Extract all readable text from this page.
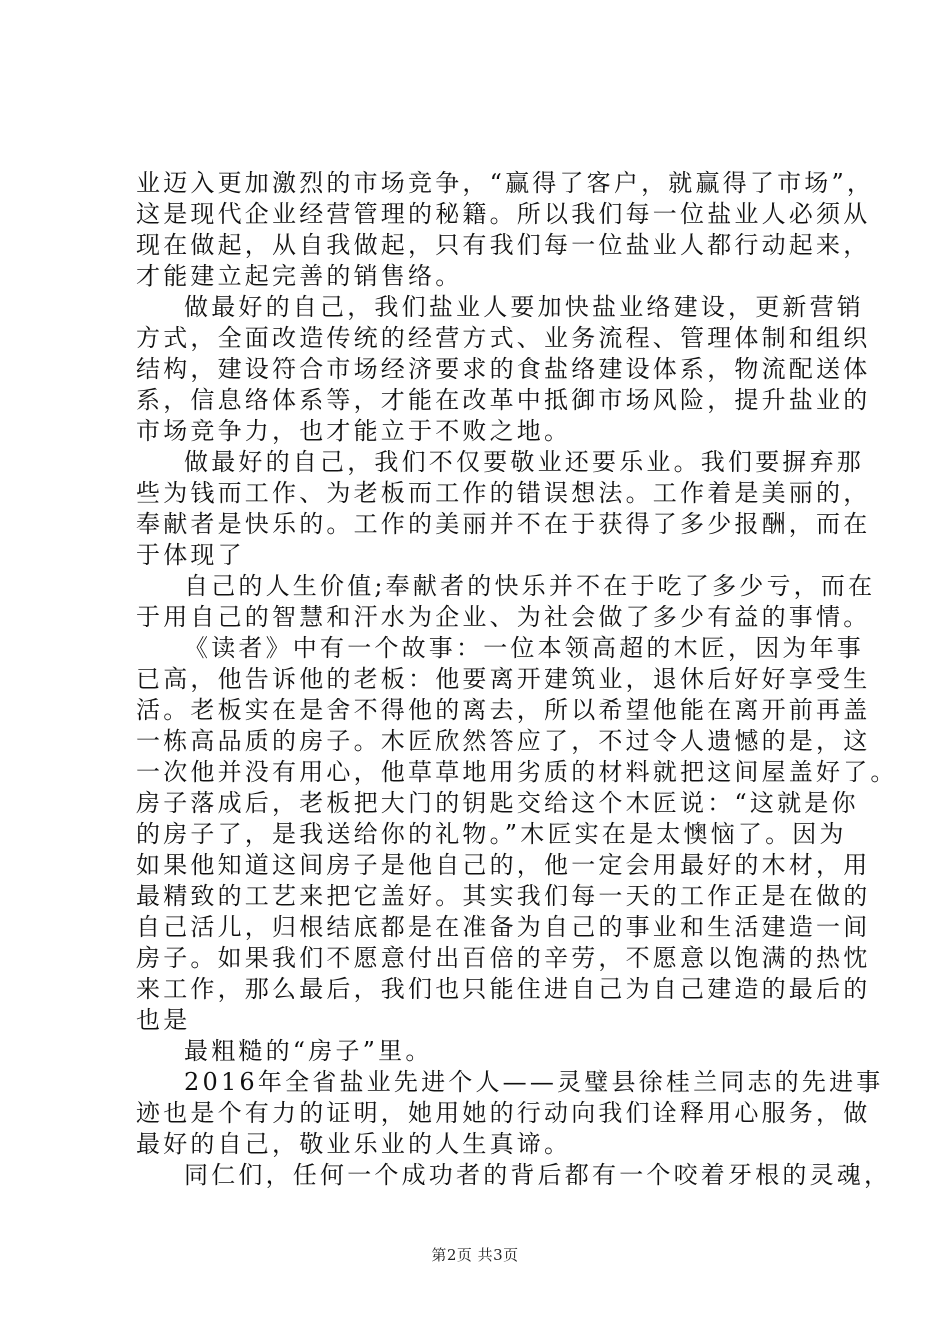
业迈入更加激烈的市场竞争，“赢得了客户，就赢得了市场”，
这是现代企业经营管理的秘籍。所以我们每一位盐业人必须从
现在做起，从自我做起，只有我们每一位盐业人都行动起来，
才能建立起完善的销售络。
做最好的自己，我们盐业人要加快盐业络建设，更新营销
方式，全面改造传统的经营方式、业务流程、管理体制和组织
结构，建设符合市场经济要求的食盐络建设体系，物流配送体
系，信息络体系等，才能在改革中抵御市场风险，提升盐业的
市场竞争力，也才能立于不败之地。
做最好的自己，我们不仅要敬业还要乐业。我们要摒弃那
些为钱而工作、为老板而工作的错误想法。工作着是美丽的，
奉献者是快乐的。工作的美丽并不在于获得了多少报酬，而在
于体现了
自己的人生价值;奉献者的快乐并不在于吃了多少亏，而在
于用自己的智慧和汗水为企业、为社会做了多少有益的事情。
《读者》中有一个故事：一位本领高超的木匠，因为年事
已高，他告诉他的老板：他要离开建筑业，退休后好好享受生
活。老板实在是舍不得他的离去，所以希望他能在离开前再盖
一栋高品质的房子。木匠欣然答应了，不过令人遗憾的是，这
一次他并没有用心，他草草地用劣质的材料就把这间屋盖好了。
房子落成后，老板把大门的钥匙交给这个木匠说：“这就是你
的房子了，是我送给你的礼物。”木匠实在是太懊恼了。因为
如果他知道这间房子是他自己的，他一定会用最好的木材，用
最精致的工艺来把它盖好。其实我们每一天的工作正是在做的
自己活儿，归根结底都是在准备为自己的事业和生活建造一间
房子。如果我们不愿意付出百倍的辛劳，不愿意以饱满的热忱
来工作，那么最后，我们也只能住进自己为自己建造的最后的
也是
最粗糙的“房子”里。
2016年全省盐业先进个人——灵璧县徐桂兰同志的先进事
迹也是个有力的证明，她用她的行动向我们诠释用心服务，做
最好的自己，敬业乐业的人生真谛。
同仁们，任何一个成功者的背后都有一个咬着牙根的灵魂，
第2页 共3页
